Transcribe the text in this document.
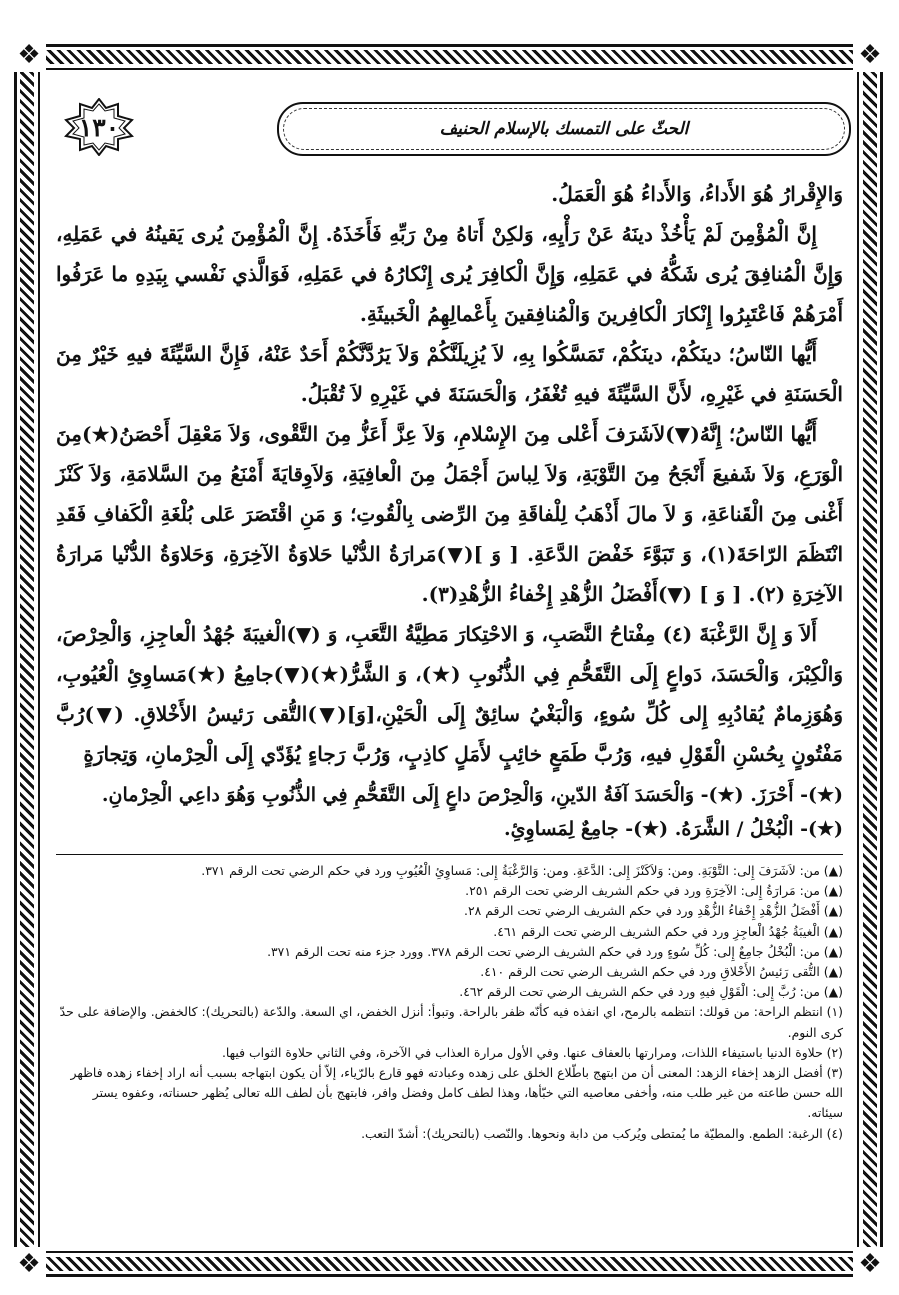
❖	❖
❖	❖
الحثّ على التمسك بالإسلام الحنيف
١٣٠

وَالإِقْرارُ هُوَ الأَداءُ، وَالأَداءُ هُوَ الْعَمَلُ.

إِنَّ الْمُؤْمِنَ لَمْ يَأْخُذْ دينَهُ عَنْ رَأْيِهِ، وَلكِنْ أَتاهُ مِنْ رَبِّهِ فَأَخَذَهُ. إِنَّ الْمُؤْمِنَ يُرى يَقينُهُ في عَمَلِهِ، وَإِنَّ الْمُنافِقَ يُرى شَكُّهُ في عَمَلِهِ، وَإِنَّ الْكافِرَ يُرى إِنْكارُهُ في عَمَلِهِ، فَوَالَّذي نَفْسي بِيَدِهِ ما عَرَفُوا أَمْرَهُمْ فَاعْتَبِرُوا إِنْكارَ الْكافِرينَ وَالْمُنافِقينَ بِأَعْمالِهِمُ الْخَبيثَةِ.

أَيُّها النّاسُ؛ دينَكُمْ، دينَكُمْ، تَمَسَّكُوا بِهِ، لاَ يُزِيلَنَّكُمْ وَلاَ يَرُدَّنَّكُمْ أَحَدٌ عَنْهُ، فَإِنَّ السَّيِّئَةَ فيهِ خَيْرٌ مِنَ الْحَسَنَةِ في غَيْرِهِ، لأَنَّ السَّيِّئَةَ فيهِ تُغْفَرُ، وَالْحَسَنَةَ في غَيْرِهِ لاَ تُقْبَلُ.

أَيُّها النّاسُ؛ إِنَّهُ(▼)لاَشَرَفَ أَعْلى مِنَ الإِسْلامِ، وَلاَ عِزَّ أَعَزُّ مِنَ التَّقْوى، وَلاَ مَعْقِلَ أَحْصَنُ(★)مِنَ الْوَرَعِ، وَلاَ شَفيعَ أَنْجَحُ مِنَ التَّوْبَةِ، وَلاَ لِباسَ أَجْمَلُ مِنَ الْعافِيَةِ، وَلاَوِقايَةَ أَمْنَعُ مِنَ السَّلامَةِ، وَلاَ كَنْزَ أَغْنى مِنَ الْقَناعَةِ، وَ لاَ مالَ أَذْهَبُ لِلْفاقَةِ مِنَ الرِّضى بِالْقُوتِ؛ وَ مَنِ اقْتَصَرَ عَلى بُلْغَةِ الْكَفافِ فَقَدِ انْتَظَمَ الرّاحَةَ(١)، وَ تَبَوَّءَ خَفْضَ الدَّعَةِ. [ وَ ](▼)مَرارَةُ الدُّنْيا حَلاوَةُ الآخِرَةِ، وَحَلاوَةُ الدُّنْيا مَرارَةُ الآخِرَةِ (٢). [ وَ ] (▼)أَفْضَلُ الزُّهْدِ إِخْفاءُ الزُّهْدِ(٣).

أَلاَ وَ إِنَّ الرَّغْبَةَ (٤) مِفْتاحُ النَّصَبِ، وَ الاحْتِكارَ مَطِيَّةُ التَّعَبِ، وَ (▼)الْغيبَةَ جُهْدُ الْعاجِزِ، وَالْحِرْصَ، وَالْكِبْرَ، وَالْحَسَدَ، دَواعٍ إِلَى التَّقَحُّمِ فِي الذُّنُوبِ (★)، وَ الشَّرُّ(★)(▼)جامِعُ (★)مَساوِئِ الْعُيُوبِ، وَهُوَزِمامٌ يُقادُبِهِ إِلى كُلِّ سُوءٍ، وَالْبَغْيُ سائِقٌ إِلَى الْحَيْنِ،[وَ](▼)التُّقى رَئيسُ الأَخْلاقِ. (▼)رُبَّ مَفْتُونٍ بِحُسْنِ الْقَوْلِ فيهِ، وَرُبَّ طَمَعٍ خائِبٍ لأَمَلٍ كاذِبٍ، وَرُبَّ رَجاءٍ يُؤَدّي إِلَى الْحِرْمانِ، وَتِجارَةٍ

(★)- أَحْرَزَ. (★)- وَالْحَسَدَ آفَةُ الدّينِ، وَالْحِرْصَ داعٍ إِلَى التَّقَحُّمِ فِي الذُّنُوبِ وَهُوَ داعِي الْحِرْمانِ.

(★)- الْبُخْلُ / الشَّرَهُ. (★)- جامِعٌ لِمَساوِئِ.

(▲) من: لاَشَرَفَ إِلى: التَّوْبَةِ. ومن: وَلاَكَنْزَ إِلى: الدَّعَةِ. ومن: وَالرَّغْبَةُ إِلى: مَساوِئِ الْعُيُوبِ ورد في حكم الرضي تحت الرقم ٣٧١.

(▲) من: مَرارَةُ إِلى: الآخِرَةِ ورد في حكم الشريف الرضي تحت الرقم ٢٥١.

(▲) أَفْضَلُ الزُّهْدِ إِخْفاءُ الزُّهْدِ ورد في حكم الشريف الرضي تحت الرقم ٢٨.

(▲) الْغيبَةُ جُهْدُ الْعاجِزِ ورد في حكم الشريف الرضي تحت الرقم ٤٦١.

(▲) من: الْبُخْلُ جامِعٌ إِلى: كُلِّ سُوءٍ ورد في حكم الشريف الرضي تحت الرقم ٣٧٨. وورد جزء منه تحت الرقم ٣٧١.

(▲) التُّقى رَئيسُ الأَخْلاقِ ورد في حكم الشريف الرضي تحت الرقم ٤١٠.

(▲) من: رُبَّ إِلى: الْقَوْلِ فيهِ ورد في حكم الشريف الرضي تحت الرقم ٤٦٢.

(١) انتظم الراحة: من قولك: انتظمه بالرمح، اي انفذه فيه كأنّه ظفر بالراحة. وتبوأ: أنزل الخفض، اي السعة. والدّعة (بالتحريك): كالخفض. والإضافة على حدّ كرى النوم.

(٢) حلاوة الدنيا باستيفاء اللذات، ومرارتها بالعفاف عنها. وفي الأول مرارة العذاب في الآخرة، وفي الثاني حلاوة الثواب فيها.

(٣) أفضل الزهد إخفاء الزهد: المعنى أن من ابتهج باطّلاع الخلق على زهده وعبادته فهو قارع بالرّياء، إلاّ أن يكون ابتهاجه بسبب أنه اراد إخفاء زهده فاظهر الله حسن طاعته من غير طلب منه، وأخفى معاصيه التي خبّأها، وهذا لطف كامل وفضل وافر، فابتهج بأن لطف الله تعالى يُظهر حسناته، وعفوه يستر سيئاته.

(٤) الرغبة: الطمع. والمطيّة ما يُمتطى ويُركب من دابة ونحوها. والنّصب (بالتحريك): أشدّ التعب.
